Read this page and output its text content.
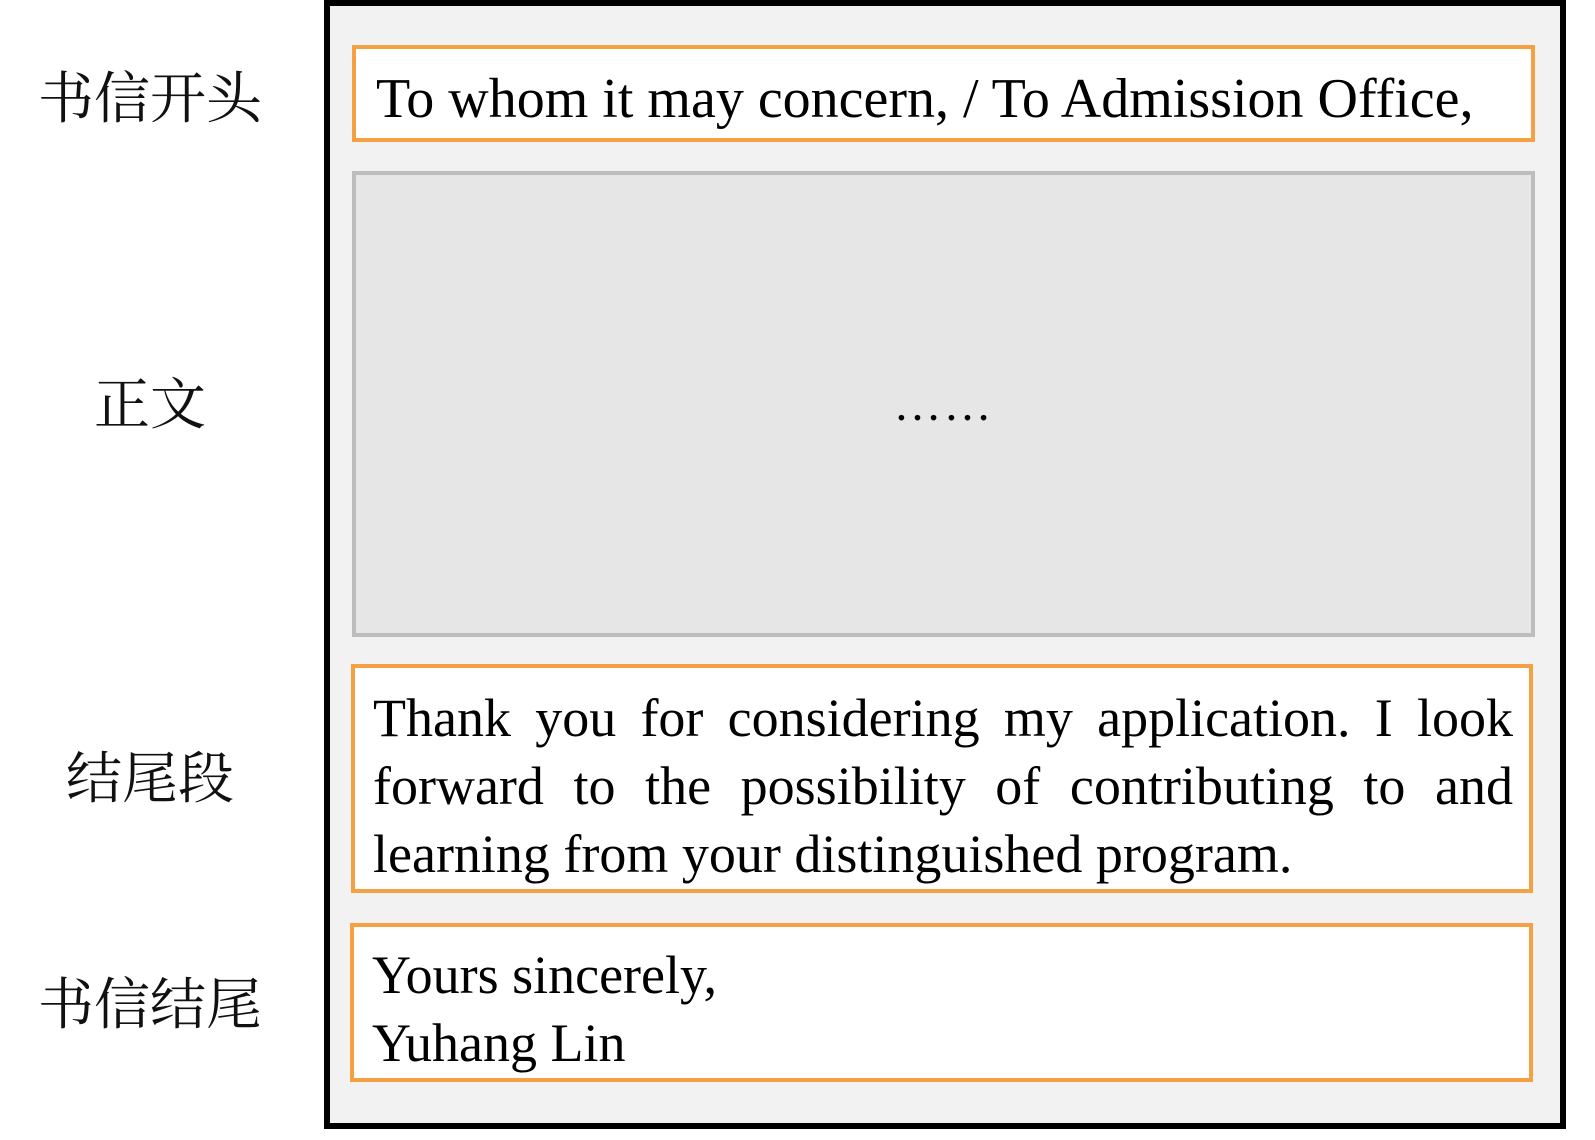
书信开头
正文
结尾段
书信结尾
To whom it may concern, / To Admission Office,
……
Thank you for considering my application. I look forward to the possibility of contributing to and learning from your distinguished program.
Yours sincerely,
Yuhang Lin
